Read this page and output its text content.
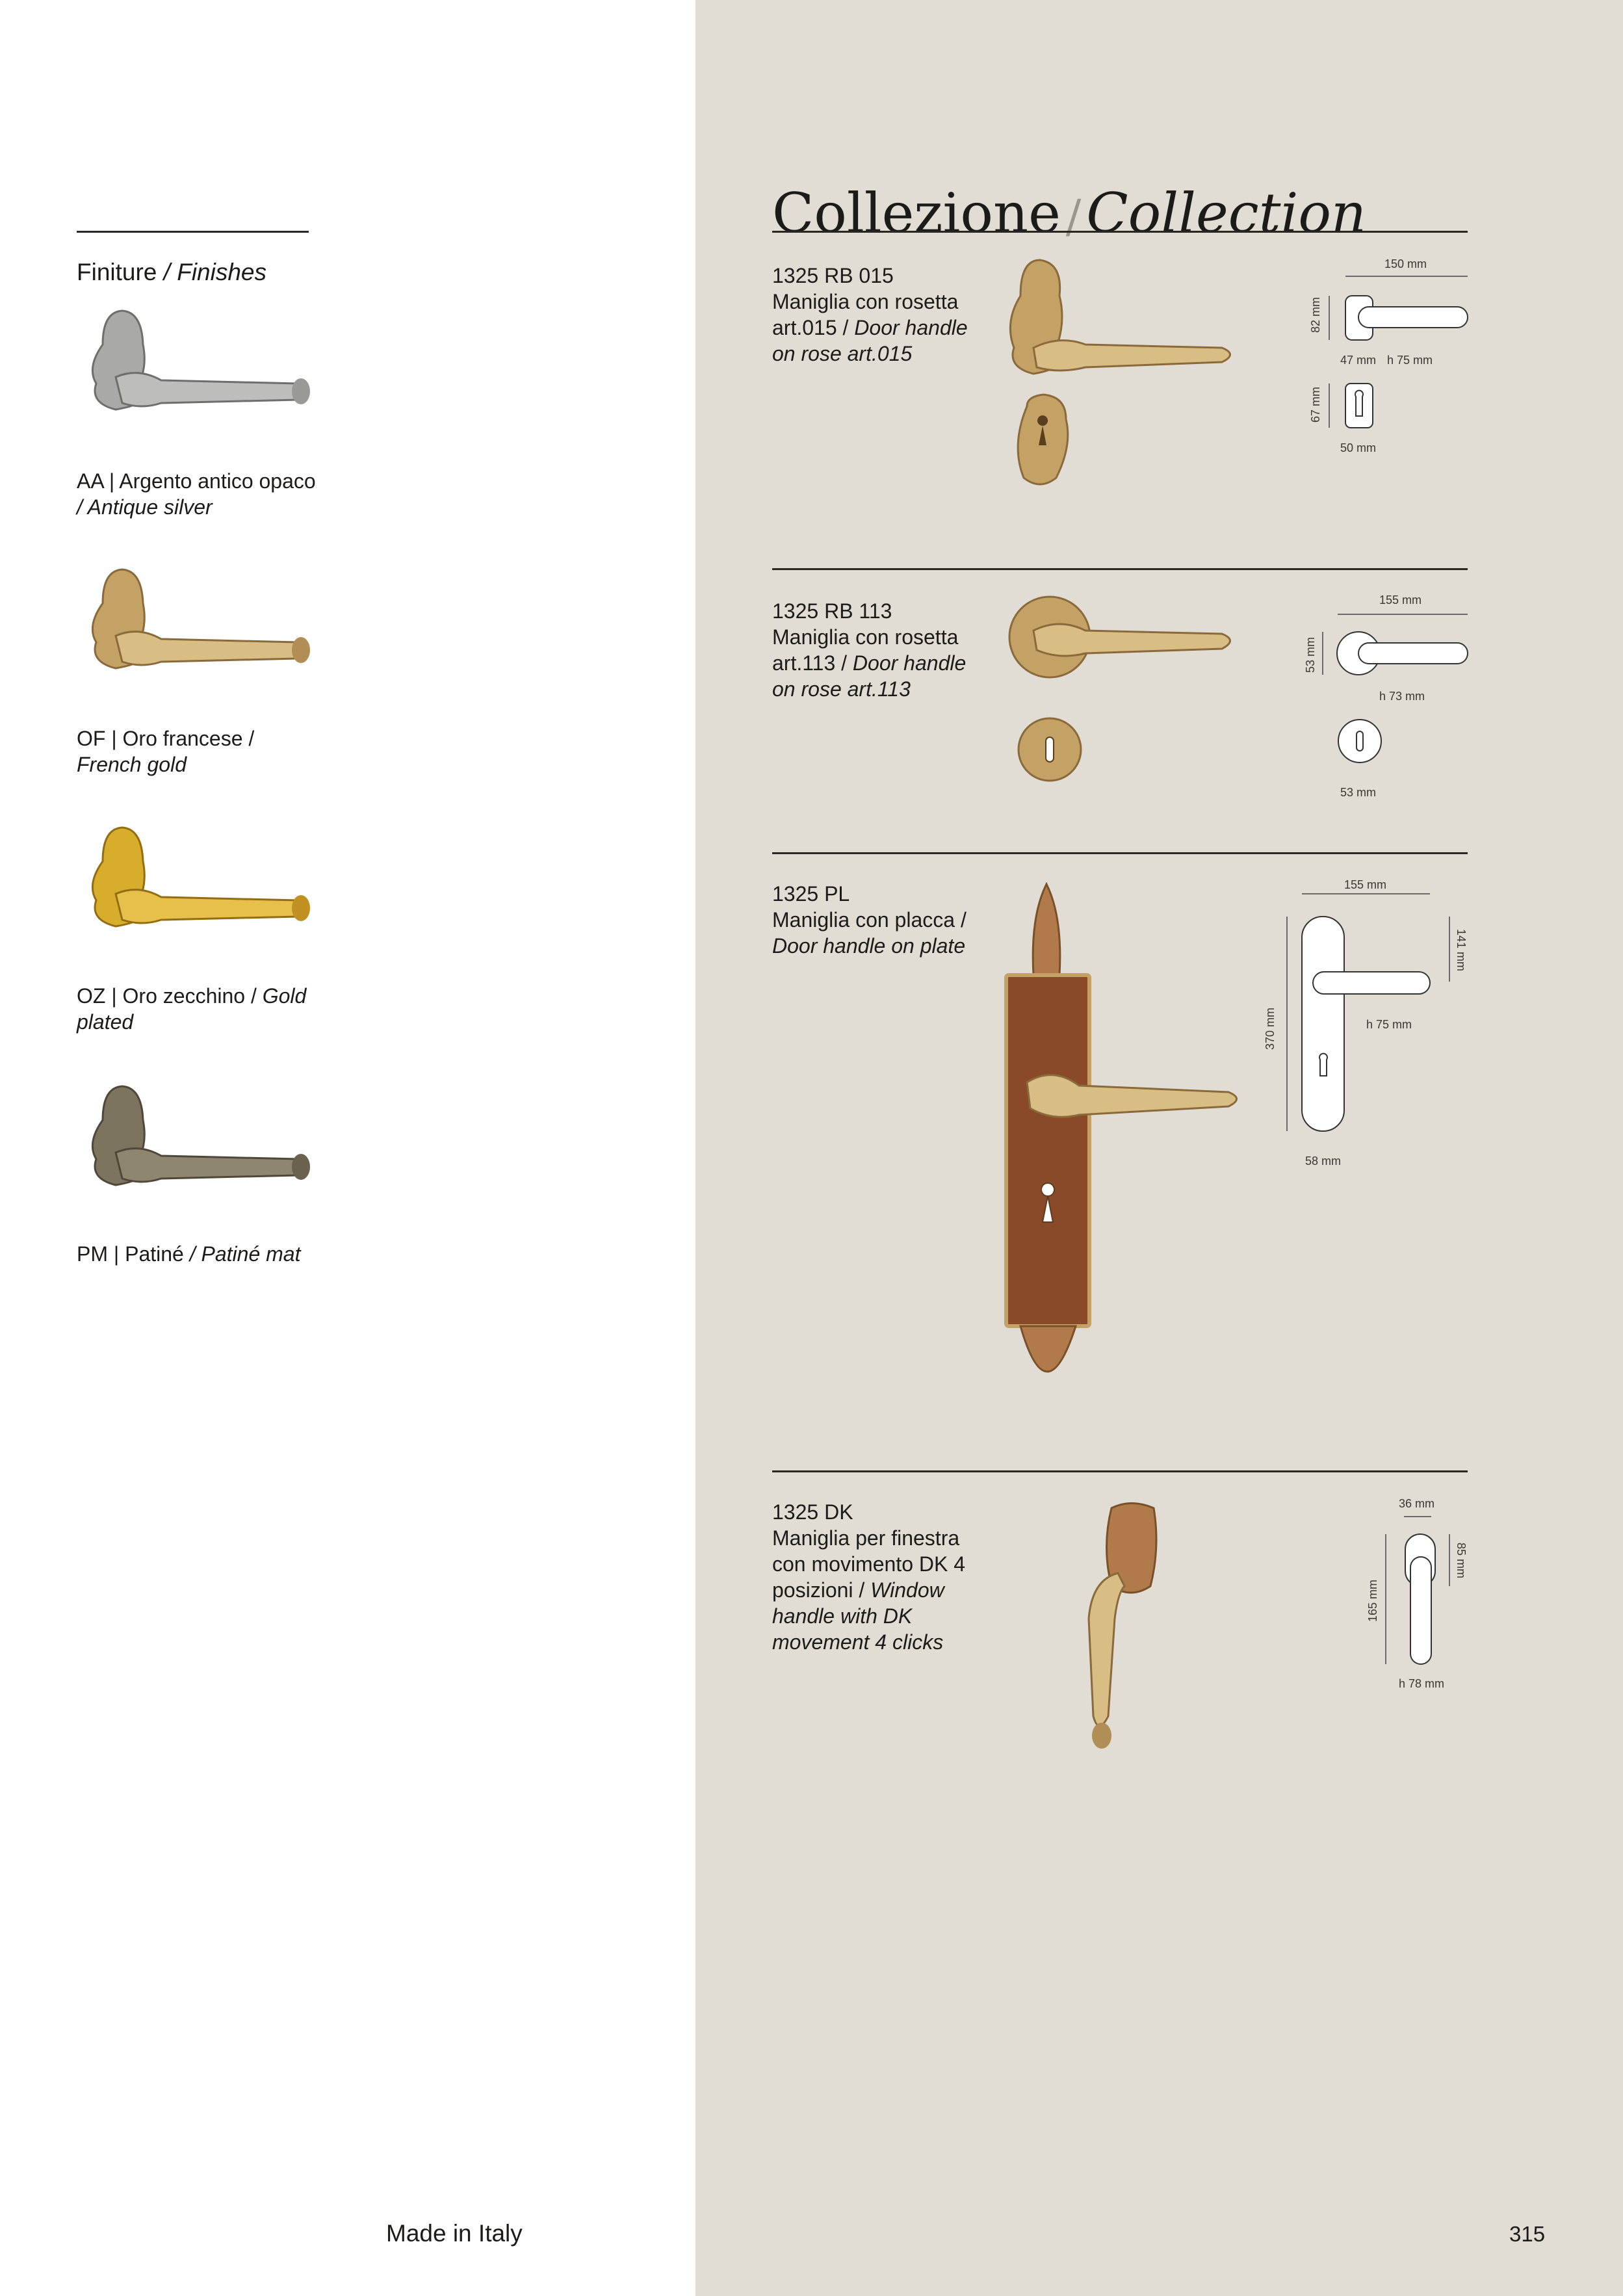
Finiture / Finishes
AA | Argento antico opaco / Antique silver
OF | Oro francese / French gold
OZ | Oro zecchino / Gold plated
PM | Patiné / Patiné mat
Collezione /Collection
1325 RB 015
Maniglia con rosetta art.015 / Door handle on rose art.015
150 mm
82 mm
47 mm h 75 mm
67 mm
50 mm
1325 RB 113
Maniglia con rosetta art.113 / Door handle on rose art.113
155 mm
53 mm
h 73 mm
53 mm
1325 PL
Maniglia con placca / Door handle on plate
155 mm
370 mm
141 mm
h 75 mm
58 mm
1325 DK
Maniglia per finestra con movimento DK 4 posizioni / Window handle with DK movement 4 clicks
36 mm
165 mm
85 mm
h 78 mm
Made in Italy	315
